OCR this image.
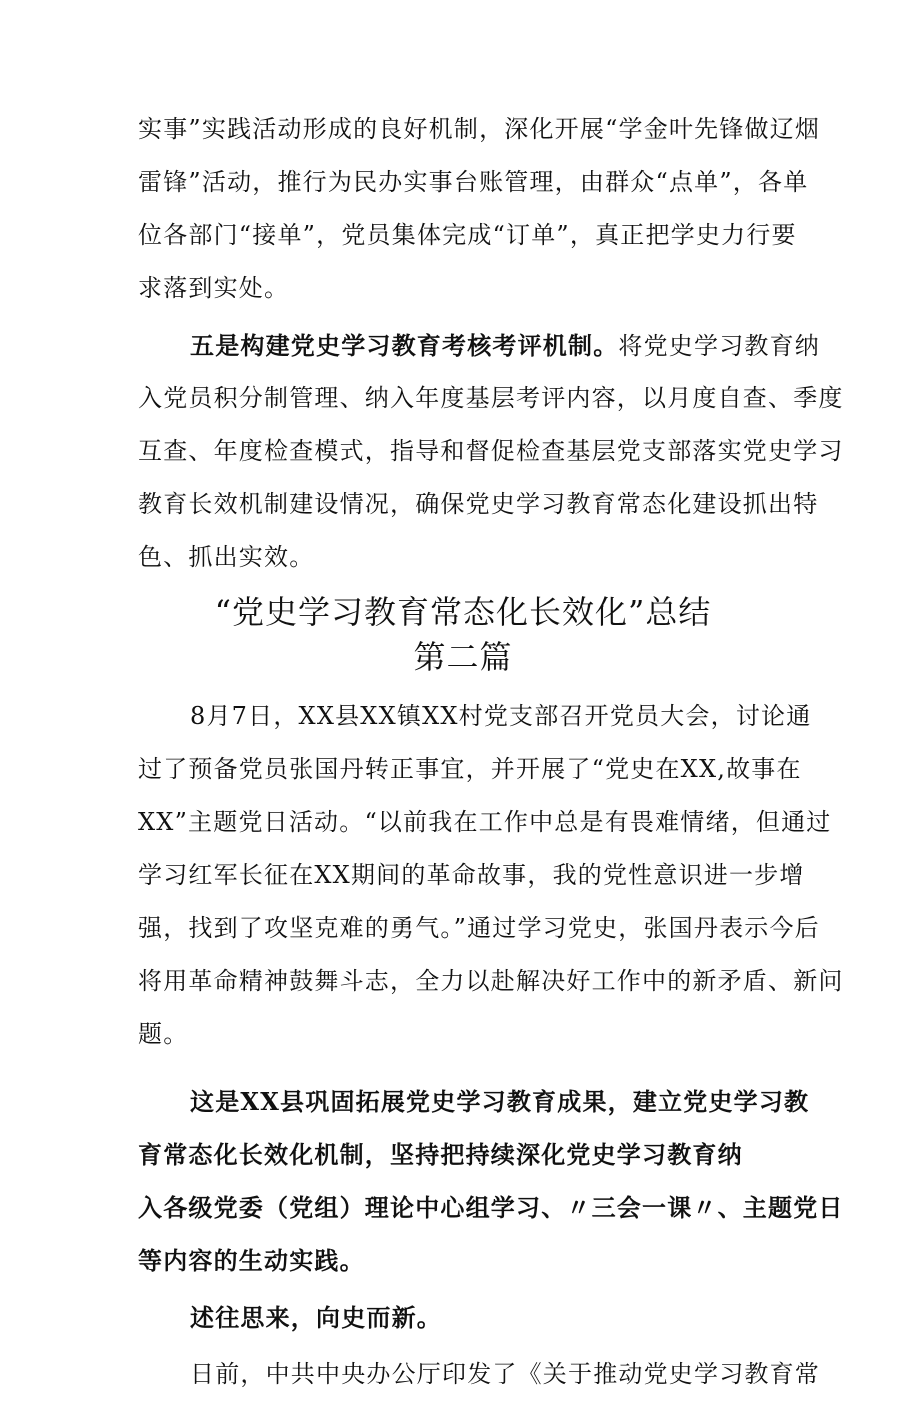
实事”实践活动形成的良好机制，深化开展“学金叶先锋做辽烟
雷锋”活动，推行为民办实事台账管理，由群众“点单”，各单
位各部门“接单”，党员集体完成“订单”，真正把学史力行要
求落到实处。
五是构建党史学习教育考核考评机制。将党史学习教育纳
入党员积分制管理、纳入年度基层考评内容，以月度自查、季度
互查、年度检查模式，指导和督促检查基层党支部落实党史学习
教育长效机制建设情况，确保党史学习教育常态化建设抓出特
色、抓出实效。
“党史学习教育常态化长效化”总结
第二篇
8月7日，XX县XX镇XX村党支部召开党员大会，讨论通
过了预备党员张国丹转正事宜，并开展了“党史在XX,故事在
XX”主题党日活动。“以前我在工作中总是有畏难情绪，但通过
学习红军长征在XX期间的革命故事，我的党性意识进一步增
强，找到了攻坚克难的勇气。”通过学习党史，张国丹表示今后
将用革命精神鼓舞斗志，全力以赴解决好工作中的新矛盾、新问
题。
这是XX县巩固拓展党史学习教育成果，建立党史学习教
育常态化长效化机制，坚持把持续深化党史学习教育纳
入各级党委（党组）理论中心组学习、〃三会一课〃、主题党日
等内容的生动实践。
述往思来，向史而新。
日前，中共中央办公厅印发了《关于推动党史学习教育常
